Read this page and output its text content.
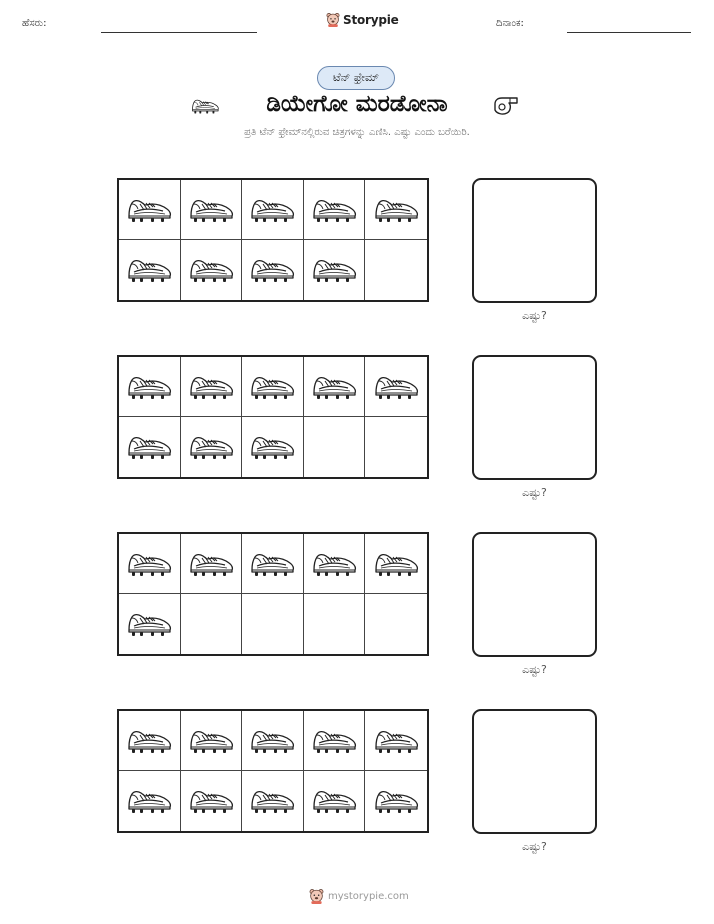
ಹೆಸರು:	Storypie	ದಿನಾಂಕ:
ಟೆನ್ ಫ್ರೇಮ್
ಡಿಯೇಗೋ ಮರಡೋನಾ
ಪ್ರತಿ ಟೆನ್ ಫ್ರೇಮ್‌ನಲ್ಲಿರುವ ಚಿತ್ರಗಳನ್ನು ಎಣಿಸಿ. ಎಷ್ಟು ಎಂದು ಬರೆಯಿರಿ.
ಎಷ್ಟು?
ಎಷ್ಟು?
ಎಷ್ಟು?
ಎಷ್ಟು?
mystorypie.com
